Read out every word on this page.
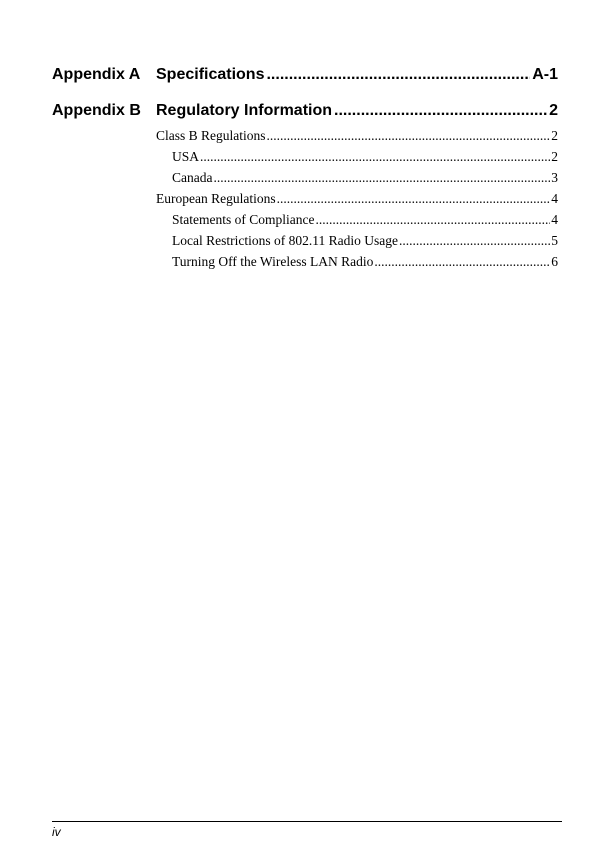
Appendix A Specifications .....	A-1
Appendix B Regulatory Information .....	2
Class B Regulations .....	2
USA .....	2
Canada .....	3
European Regulations .....	4
Statements of Compliance .....	4
Local Restrictions of 802.11 Radio Usage .....	5
Turning Off the Wireless LAN Radio .....	6
iv
